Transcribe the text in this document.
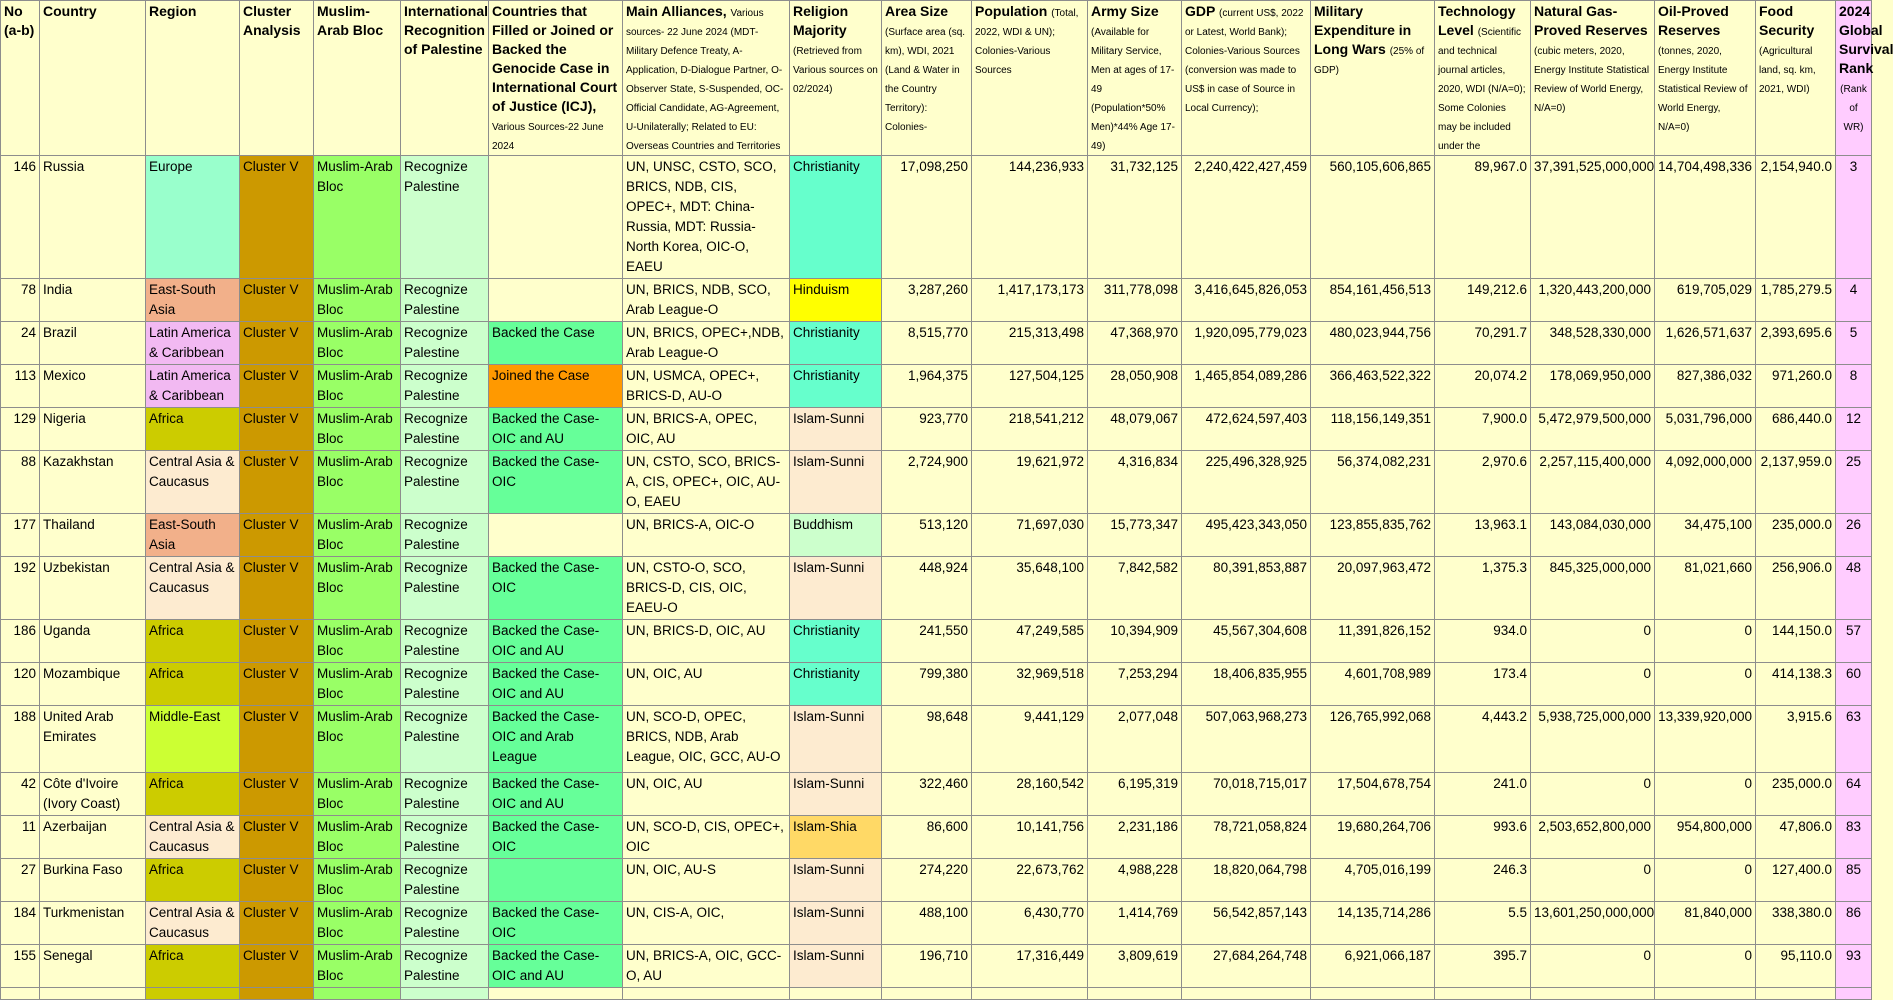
No (a-b)	Country	Region	Cluster Analysis	Muslim-Arab Bloc	International Recognition of Palestine	Countries that Filled or Joined or Backed the Genocide Case in International Court of Justice (ICJ), Various Sources-22 June 2024	Main Alliances, Various sources- 22 June 2024 (MDT-Military Defence Treaty, A-Application, D-Dialogue Partner, O-Observer State, S-Suspended, OC-Official Candidate, AG-Agreement, U-Unilaterally; Related to EU: Overseas Countries and Territories	Religion Majority (Retrieved from Various sources on 02/2024)	Area Size (Surface area (sq. km), WDI, 2021 (Land & Water in the Country Territory): Colonies-	Population (Total, 2022, WDI & UN); Colonies-Various Sources	Army Size (Available for Military Service, Men at ages of 17-49 (Population*50% Men)*44% Age 17-49)	GDP (current US$, 2022 or Latest, World Bank); Colonies-Various Sources (conversion was made to US$ in case of Source in Local Currency);	Military Expenditure in Long Wars (25% of GDP)	Technology Level (Scientific and technical journal articles, 2020, WDI (N/A=0); Some Colonies may be included under the	Natural Gas-Proved Reserves (cubic meters, 2020, Energy Institute Statistical Review of World Energy, N/A=0)	Oil-Proved Reserves (tonnes, 2020, Energy Institute Statistical Review of World Energy, N/A=0)	Food Security (Agricultural land, sq. km, 2021, WDI)	2024 Global Survival Rank (Rank of WR)
146	Russia	Europe	Cluster V	Muslim-Arab Bloc	Recognize Palestine		UN, UNSC, CSTO, SCO, BRICS, NDB, CIS, OPEC+, MDT: China-Russia, MDT: Russia-North Korea, OIC-O, EAEU	Christianity	17,098,250	144,236,933	31,732,125	2,240,422,427,459	560,105,606,865	89,967.0	37,391,525,000,000	14,704,498,336	2,154,940.0	3
78	India	East-South Asia	Cluster V	Muslim-Arab Bloc	Recognize Palestine		UN, BRICS, NDB, SCO, Arab League-O	Hinduism	3,287,260	1,417,173,173	311,778,098	3,416,645,826,053	854,161,456,513	149,212.6	1,320,443,200,000	619,705,029	1,785,279.5	4
24	Brazil	Latin America & Caribbean	Cluster V	Muslim-Arab Bloc	Recognize Palestine	Backed the Case	UN, BRICS, OPEC+,NDB, Arab League-O	Christianity	8,515,770	215,313,498	47,368,970	1,920,095,779,023	480,023,944,756	70,291.7	348,528,330,000	1,626,571,637	2,393,695.6	5
113	Mexico	Latin America & Caribbean	Cluster V	Muslim-Arab Bloc	Recognize Palestine	Joined the Case	UN, USMCA, OPEC+, BRICS-D, AU-O	Christianity	1,964,375	127,504,125	28,050,908	1,465,854,089,286	366,463,522,322	20,074.2	178,069,950,000	827,386,032	971,260.0	8
129	Nigeria	Africa	Cluster V	Muslim-Arab Bloc	Recognize Palestine	Backed the Case-OIC and AU	UN, BRICS-A, OPEC, OIC, AU	Islam-Sunni	923,770	218,541,212	48,079,067	472,624,597,403	118,156,149,351	7,900.0	5,472,979,500,000	5,031,796,000	686,440.0	12
88	Kazakhstan	Central Asia & Caucasus	Cluster V	Muslim-Arab Bloc	Recognize Palestine	Backed the Case-OIC	UN, CSTO, SCO, BRICS-A, CIS, OPEC+, OIC, AU-O, EAEU	Islam-Sunni	2,724,900	19,621,972	4,316,834	225,496,328,925	56,374,082,231	2,970.6	2,257,115,400,000	4,092,000,000	2,137,959.0	25
177	Thailand	East-South Asia	Cluster V	Muslim-Arab Bloc	Recognize Palestine		UN, BRICS-A, OIC-O	Buddhism	513,120	71,697,030	15,773,347	495,423,343,050	123,855,835,762	13,963.1	143,084,030,000	34,475,100	235,000.0	26
192	Uzbekistan	Central Asia & Caucasus	Cluster V	Muslim-Arab Bloc	Recognize Palestine	Backed the Case-OIC	UN, CSTO-O, SCO, BRICS-D, CIS, OIC, EAEU-O	Islam-Sunni	448,924	35,648,100	7,842,582	80,391,853,887	20,097,963,472	1,375.3	845,325,000,000	81,021,660	256,906.0	48
186	Uganda	Africa	Cluster V	Muslim-Arab Bloc	Recognize Palestine	Backed the Case-OIC and AU	UN, BRICS-D, OIC, AU	Christianity	241,550	47,249,585	10,394,909	45,567,304,608	11,391,826,152	934.0	0	0	144,150.0	57
120	Mozambique	Africa	Cluster V	Muslim-Arab Bloc	Recognize Palestine	Backed the Case-OIC and AU	UN, OIC, AU	Christianity	799,380	32,969,518	7,253,294	18,406,835,955	4,601,708,989	173.4	0	0	414,138.3	60
188	United Arab Emirates	Middle-East	Cluster V	Muslim-Arab Bloc	Recognize Palestine	Backed the Case-OIC and Arab League	UN, SCO-D, OPEC, BRICS, NDB, Arab League, OIC, GCC, AU-O	Islam-Sunni	98,648	9,441,129	2,077,048	507,063,968,273	126,765,992,068	4,443.2	5,938,725,000,000	13,339,920,000	3,915.6	63
42	Côte d'Ivoire (Ivory Coast)	Africa	Cluster V	Muslim-Arab Bloc	Recognize Palestine	Backed the Case-OIC and AU	UN, OIC, AU	Islam-Sunni	322,460	28,160,542	6,195,319	70,018,715,017	17,504,678,754	241.0	0	0	235,000.0	64
11	Azerbaijan	Central Asia & Caucasus	Cluster V	Muslim-Arab Bloc	Recognize Palestine	Backed the Case-OIC	UN, SCO-D, CIS, OPEC+, OIC	Islam-Shia	86,600	10,141,756	2,231,186	78,721,058,824	19,680,264,706	993.6	2,503,652,800,000	954,800,000	47,806.0	83
27	Burkina Faso	Africa	Cluster V	Muslim-Arab Bloc	Recognize Palestine		UN, OIC, AU-S	Islam-Sunni	274,220	22,673,762	4,988,228	18,820,064,798	4,705,016,199	246.3	0	0	127,400.0	85
184	Turkmenistan	Central Asia & Caucasus	Cluster V	Muslim-Arab Bloc	Recognize Palestine	Backed the Case-OIC	UN, CIS-A, OIC,	Islam-Sunni	488,100	6,430,770	1,414,769	56,542,857,143	14,135,714,286	5.5	13,601,250,000,000	81,840,000	338,380.0	86
155	Senegal	Africa	Cluster V	Muslim-Arab Bloc	Recognize Palestine	Backed the Case-OIC and AU	UN, BRICS-A, OIC, GCC-O, AU	Islam-Sunni	196,710	17,316,449	3,809,619	27,684,264,748	6,921,066,187	395.7	0	0	95,110.0	93
